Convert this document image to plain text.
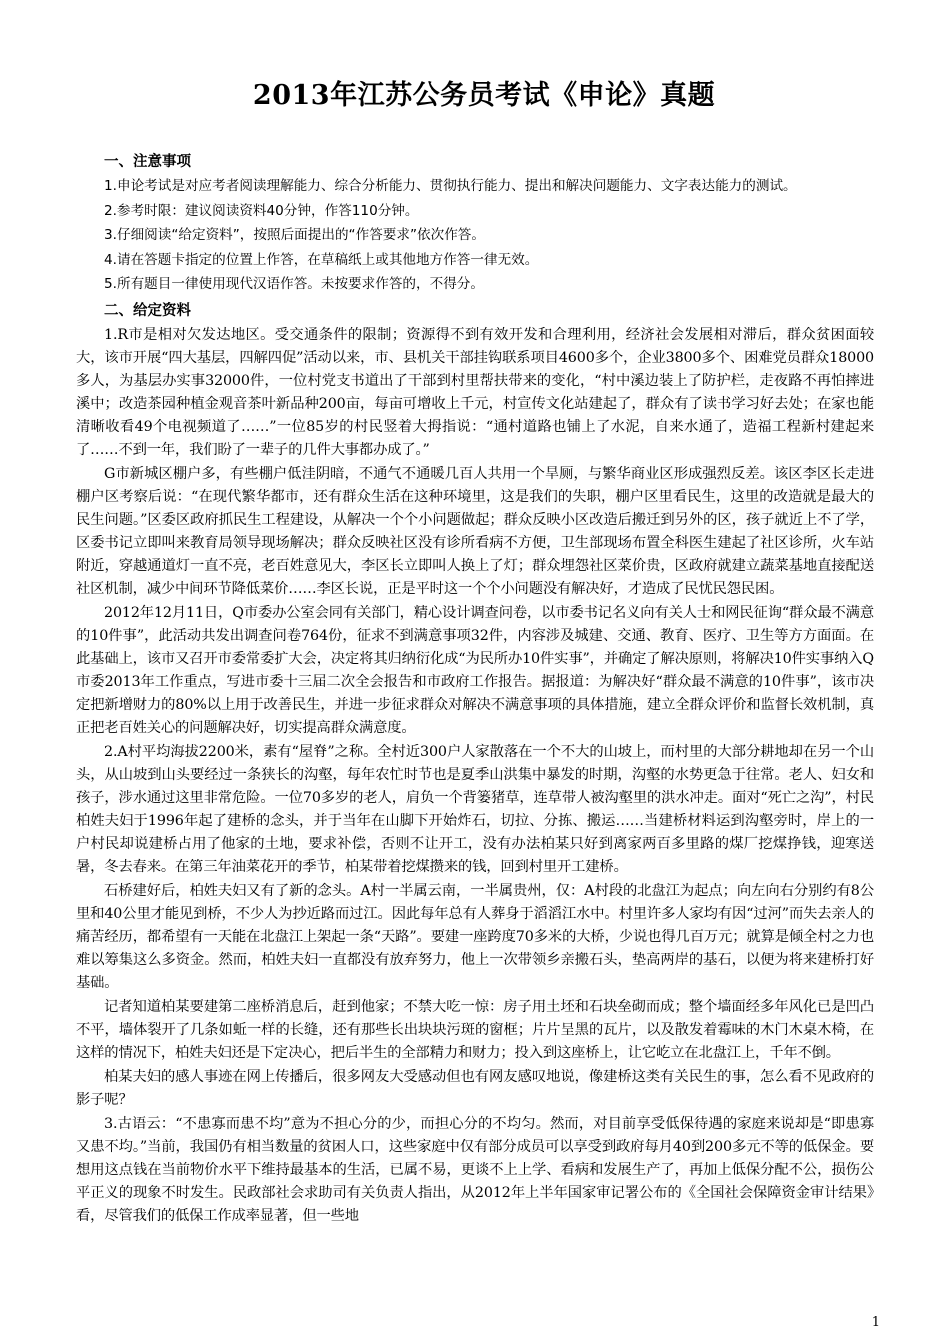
2013年江苏公务员考试《申论》真题
一、注意事项

1.申论考试是对应考者阅读理解能力、综合分析能力、贯彻执行能力、提出和解决问题能力、文字表达能力的测试。

2.参考时限：建议阅读资料40分钟，作答110分钟。

3.仔细阅读“给定资料”，按照后面提出的“作答要求”依次作答。

4.请在答题卡指定的位置上作答，在草稿纸上或其他地方作答一律无效。

5.所有题目一律使用现代汉语作答。未按要求作答的，不得分。

二、给定资料

1.R市是相对欠发达地区。受交通条件的限制；资源得不到有效开发和合理利用，经济社会发展相对滞后，群众贫困面较大，该市开展“四大基层，四解四促”活动以来，市、县机关干部挂钩联系项目4600多个，企业3800多个、困难党员群众18000多人，为基层办实事32000件，一位村党支书道出了干部到村里帮扶带来的变化，“村中溪边装上了防护栏，走夜路不再怕摔进溪中；改造茶园种植金观音茶叶新品种200亩，每亩可增收上千元，村宣传文化站建起了，群众有了读书学习好去处；在家也能清晰收看49个电视频道了……”一位85岁的村民竖着大拇指说：“通村道路也铺上了水泥，自来水通了，造福工程新村建起来了……不到一年，我们盼了一辈子的几件大事都办成了。”

G市新城区棚户多，有些棚户低洼阴暗，不通气不通暖几百人共用一个旱厕，与繁华商业区形成强烈反差。该区李区长走进棚户区考察后说：“在现代繁华都市，还有群众生活在这种环境里，这是我们的失职，棚户区里看民生，这里的改造就是最大的民生问题。”区委区政府抓民生工程建设，从解决一个个小问题做起；群众反映小区改造后搬迁到另外的区，孩子就近上不了学，区委书记立即叫来教育局领导现场解决；群众反映社区没有诊所看病不方便，卫生部现场布置全科医生建起了社区诊所，火车站附近，穿越通道灯一直不亮，老百姓意见大，李区长立即叫人换上了灯；群众埋怨社区菜价贵，区政府就建立蔬菜基地直接配送社区机制，减少中间环节降低菜价……李区长说，正是平时这一个个小问题没有解决好，才造成了民忧民怨民困。

2012年12月11日，Q市委办公室会同有关部门，精心设计调查问卷，以市委书记名义向有关人士和网民征询“群众最不满意的10件事”，此活动共发出调查问卷764份，征求不到满意事项32件，内容涉及城建、交通、教育、医疗、卫生等方方面面。在此基础上，该市又召开市委常委扩大会，决定将其归纳衍化成“为民所办10件实事”，并确定了解决原则，将解决10件实事纳入Q市委2013年工作重点，写进市委十三届二次全会报告和市政府工作报告。据报道：为解决好“群众最不满意的10件事”，该市决定把新增财力的80%以上用于改善民生，并进一步征求群众对解决不满意事项的具体措施，建立全群众评价和监督长效机制，真正把老百姓关心的问题解决好，切实提高群众满意度。

2.A村平均海拔2200米，素有“屋脊”之称。全村近300户人家散落在一个不大的山坡上，而村里的大部分耕地却在另一个山头，从山坡到山头要经过一条狭长的沟壑，每年农忙时节也是夏季山洪集中暴发的时期，沟壑的水势更急于往常。老人、妇女和孩子，涉水通过这里非常危险。一位70多岁的老人，肩负一个背篓猪草，连草带人被沟壑里的洪水冲走。面对“死亡之沟”，村民柏姓夫妇于1996年起了建桥的念头，并于当年在山脚下开始炸石，切拉、分拣、搬运……当建桥材料运到沟壑旁时，岸上的一户村民却说建桥占用了他家的土地，要求补偿，否则不让开工，没有办法柏某只好到离家两百多里路的煤厂挖煤挣钱，迎寒送暑，冬去春来。在第三年油菜花开的季节，柏某带着挖煤攒来的钱，回到村里开工建桥。

石桥建好后，柏姓夫妇又有了新的念头。A村一半属云南，一半属贵州，仅：A村段的北盘江为起点；向左向右分别约有8公里和40公里才能见到桥，不少人为抄近路而过江。因此每年总有人葬身于滔滔江水中。村里许多人家均有因“过河”而失去亲人的痛苦经历，都希望有一天能在北盘江上架起一条“天路”。要建一座跨度70多米的大桥，少说也得几百万元；就算是倾全村之力也难以筹集这么多资金。然而，柏姓夫妇一直都没有放弃努力，他上一次带领乡亲搬石头，垫高两岸的基石，以便为将来建桥打好基础。

记者知道柏某要建第二座桥消息后，赶到他家；不禁大吃一惊：房子用土坯和石块垒砌而成；整个墙面经多年风化已是凹凸不平，墙体裂开了几条如蚯一样的长缝，还有那些长出块块污斑的窗框；片片呈黑的瓦片，以及散发着霉味的木门木桌木椅，在这样的情况下，柏姓夫妇还是下定决心，把后半生的全部精力和财力；投入到这座桥上，让它屹立在北盘江上，千年不倒。

柏某夫妇的感人事迹在网上传播后，很多网友大受感动但也有网友感叹地说，像建桥这类有关民生的事，怎么看不见政府的影子呢？

3.古语云：“不患寡而患不均”意为不担心分的少，而担心分的不均匀。然而，对目前享受低保待遇的家庭来说却是“即患寡又患不均。”当前，我国仍有相当数量的贫困人口，这些家庭中仅有部分成员可以享受到政府每月40到200多元不等的低保金。要想用这点钱在当前物价水平下维持最基本的生活，已属不易，更谈不上上学、看病和发展生产了，再加上低保分配不公，损伤公平正义的现象不时发生。民政部社会求助司有关负责人指出，从2012年上半年国家审记署公布的《全国社会保障资金审计结果》看，尽管我们的低保工作成率显著，但一些地

1
